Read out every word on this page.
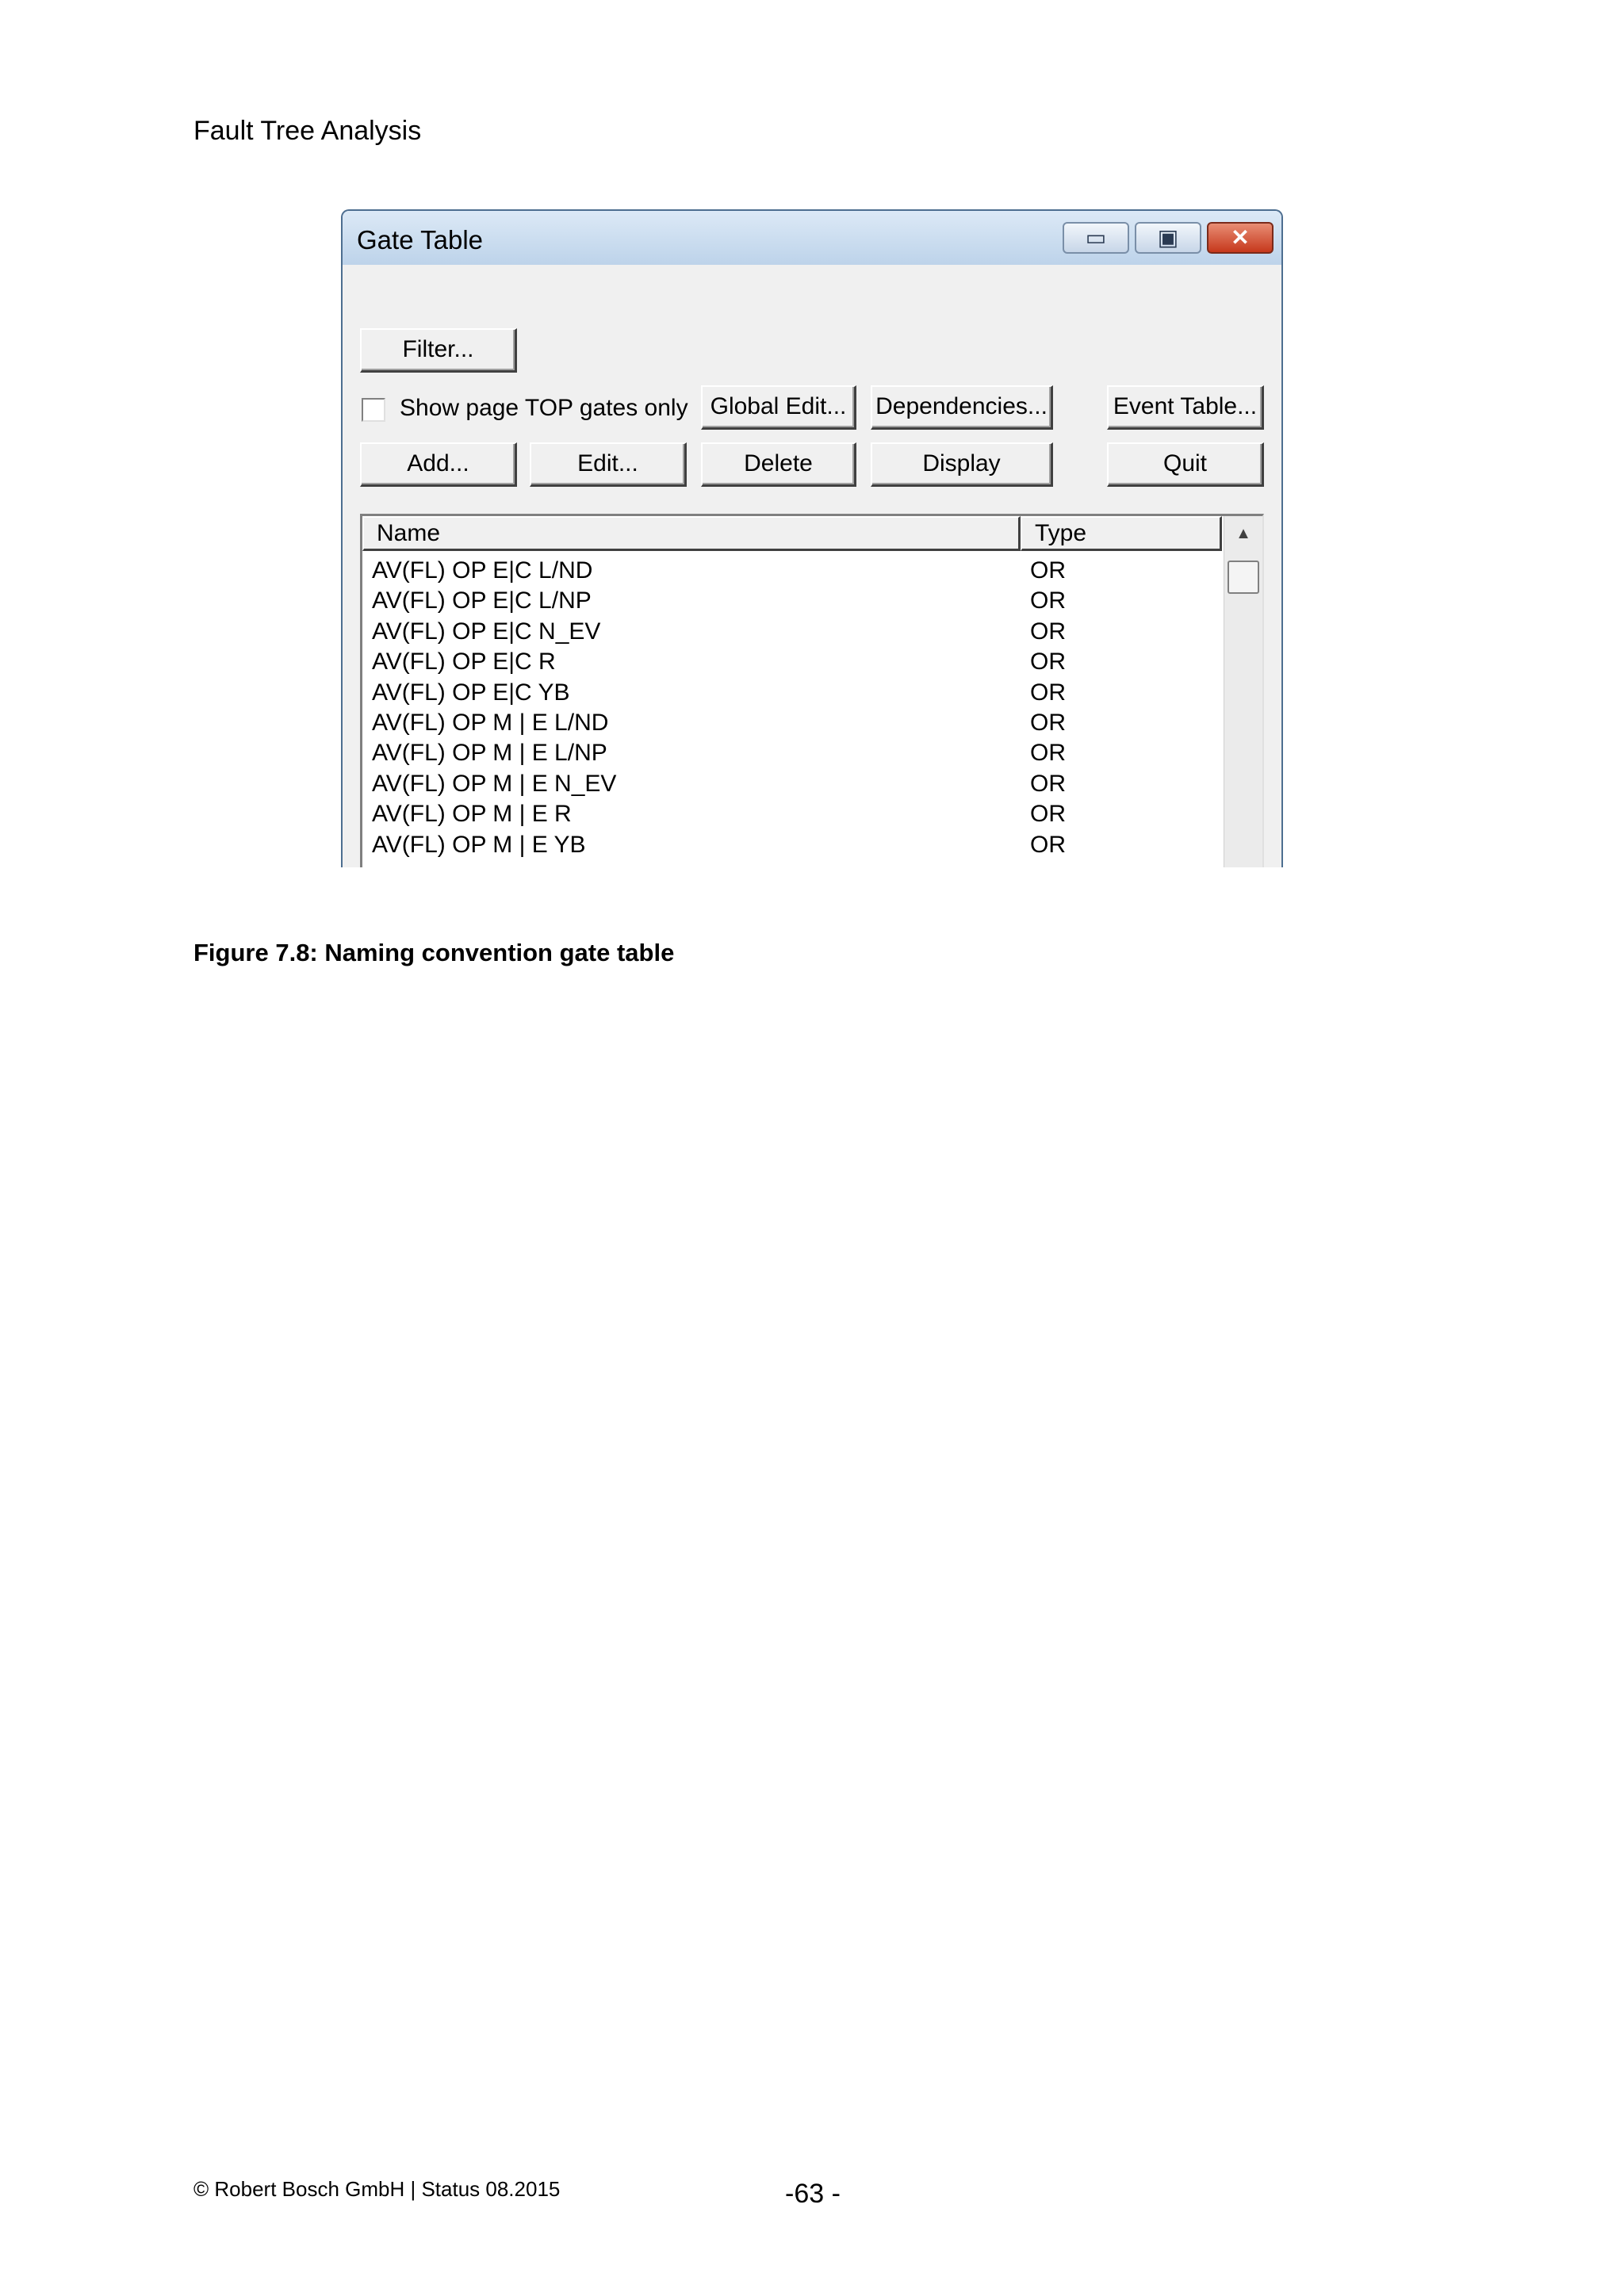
Fault Tree Analysis
Gate Table	▭	▣	✕
Filter...
Show page TOP gates only Global Edit...	Dependencies...	Event Table...
Add...	Edit...	Delete	Display	Quit
Name	Type
AV(FL) OP E|C L/ND	OR
AV(FL) OP E|C L/NP	OR
AV(FL) OP E|C N_EV	OR
AV(FL) OP E|C R	OR
AV(FL) OP E|C YB	OR
AV(FL) OP M | E L/ND	OR
AV(FL) OP M | E L/NP	OR
AV(FL) OP M | E N_EV	OR
AV(FL) OP M | E R	OR
AV(FL) OP M | E YB	OR
▲
Figure 7.8: Naming convention gate table
© Robert Bosch GmbH | Status 08.2015	-63 -
